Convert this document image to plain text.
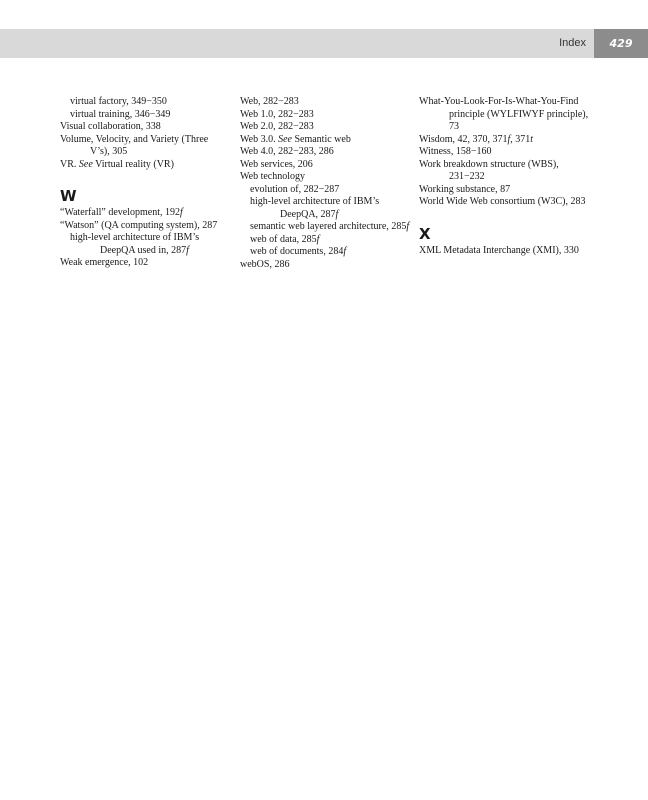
Index	429
virtual factory, 349−350
virtual training, 346−349
Visual collaboration, 338
Volume, Velocity, and Variety (Three V’s), 305
VR. See Virtual reality (VR)
W
“Waterfall” development, 192f
“Watson” (QA computing system), 287
high-level architecture of IBM’s DeepQA used in, 287f
Weak emergence, 102
Web, 282−283
Web 1.0, 282−283
Web 2.0, 282−283
Web 3.0. See Semantic web
Web 4.0, 282−283, 286
Web services, 206
Web technology
evolution of, 282−287
high-level architecture of IBM’s DeepQA, 287f
semantic web layered architecture, 285f
web of data, 285f
web of documents, 284f
webOS, 286
What-You-Look-For-Is-What-You-Find principle (WYLFIWYF principle), 73
Wisdom, 42, 370, 371f, 371t
Witness, 158−160
Work breakdown structure (WBS), 231−232
Working substance, 87
World Wide Web consortium (W3C), 283
X
XML Metadata Interchange (XMI), 330
